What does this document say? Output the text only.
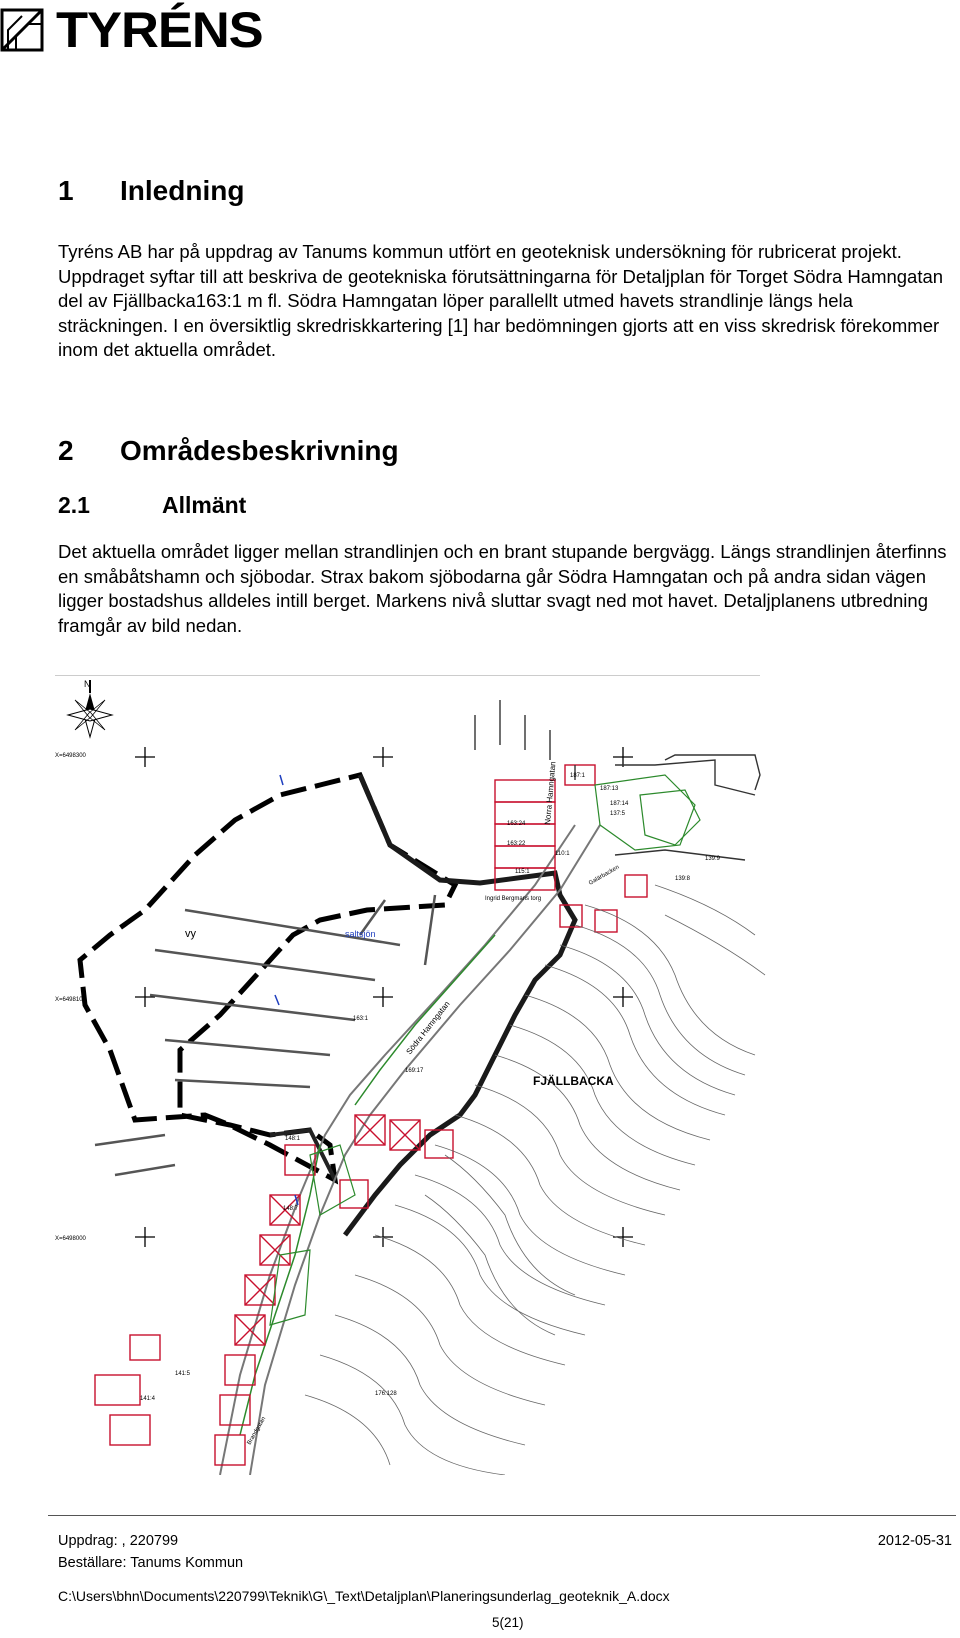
TYRÉNS
1 Inledning
Tyréns AB har på uppdrag av Tanums kommun utfört en geoteknisk undersökning för rubricerat projekt. Uppdraget syftar till att beskriva de geotekniska förutsättningarna för Detaljplan för Torget Södra Hamngatan del av Fjällbacka163:1 m fl. Södra Hamngatan löper parallellt utmed havets strandlinje längs hela sträckningen. I en översiktlig skredriskkartering [1] har bedömningen gjorts att en viss skredrisk förekommer inom det aktuella området.
2 Områdesbeskrivning
2.1	Allmänt
Det aktuella området ligger mellan strandlinjen och en brant stupande bergvägg. Längs strandlinjen återfinns en småbåtshamn och sjöbodar. Strax bakom sjöbodarna går Södra Hamngatan och på andra sidan vägen ligger bostadshus alldeles intill berget. Markens nivå sluttar svagt ned mot havet. Detaljplanens utbredning framgår av bild nedan.
N
X=6498300
X=6498100
X=6498000
saltsjön
vy
FJÄLLBACKA
Södra Hamngatan
Norra Hamngatan
Ingrid Bergmans torg
Galärbacken
Brandgatan
187:1
187:13
137:5
110:1
139:8
139:9
163:24
163:22
163:1
115:1
169:17
148:7
148:1
141:5
141:4
176:128
187:14
Uppdrag: , 220799
Beställare: Tanums Kommun
2012-05-31
C:\Users\bhn\Documents\220799\Teknik\G\_Text\Detaljplan\Planeringsunderlag_geoteknik_A.docx
5(21)
